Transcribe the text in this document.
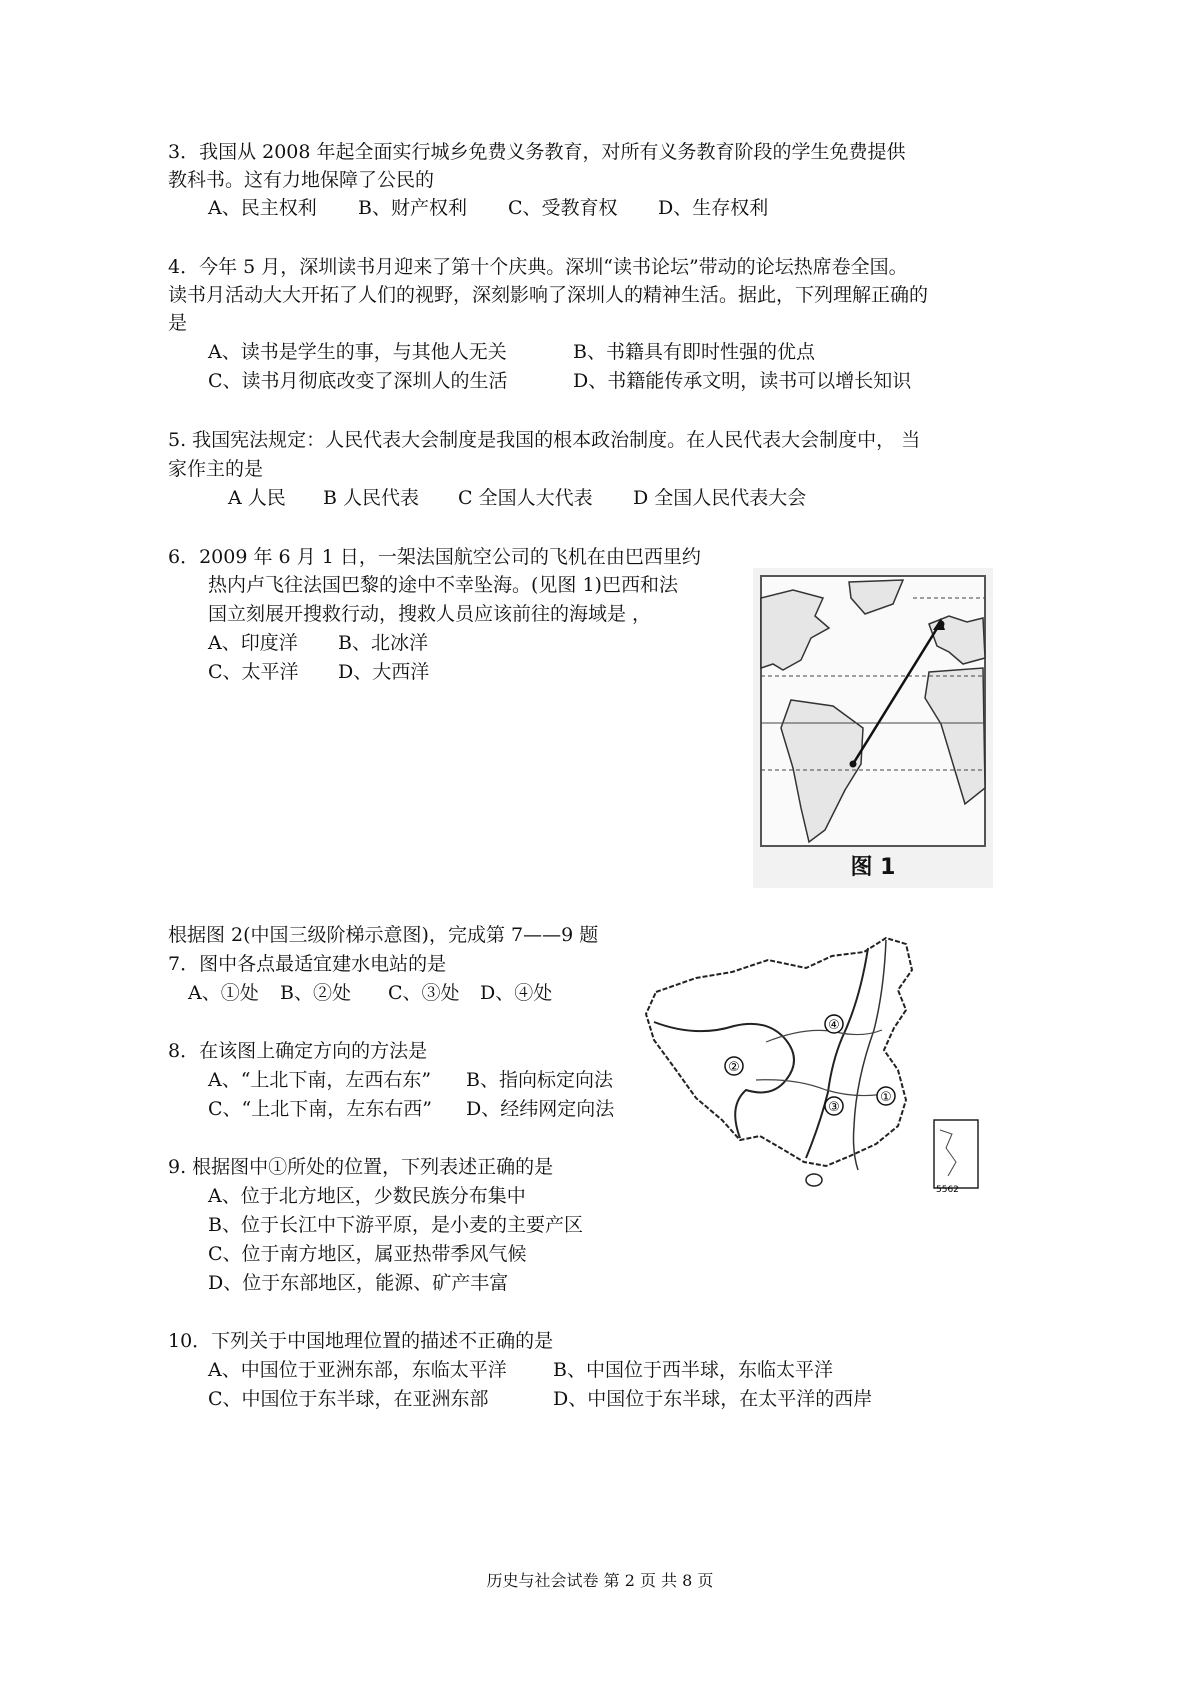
3．我国从 2008 年起全面实行城乡免费义务教育，对所有义务教育阶段的学生免费提供
教科书。这有力地保障了公民的
A、民主权利 B、财产权利 C、受教育权 D、生存权利
4．今年 5 月，深圳读书月迎来了第十个庆典。深圳“读书论坛”带动的论坛热席卷全国。
读书月活动大大开拓了人们的视野，深刻影响了深圳人的精神生活。据此，下列理解正确的
是
A、读书是学生的事，与其他人无关	B、书籍具有即时性强的优点
C、读书月彻底改变了深圳人的生活	D、书籍能传承文明，读书可以增长知识
5. 我国宪法规定：人民代表大会制度是我国的根本政治制度。在人民代表大会制度中， 当
家作主的是
A 人民 B 人民代表 C 全国人大代表 D 全国人民代表大会
6．2009 年 6 月 1 日，一架法国航空公司的飞机在由巴西里约
热内卢飞往法国巴黎的途中不幸坠海。(见图 1)巴西和法
国立刻展开搜救行动，搜救人员应该前往的海域是 ，
A、印度洋 B、北冰洋
C、太平洋 D、大西洋
图 1
根据图 2(中国三级阶梯示意图)，完成第 7——9 题
7．图中各点最适宜建水电站的是
A、①处 B、②处 C、③处 D、④处
8．在该图上确定方向的方法是
A、“上北下南，左西右东” B、指向标定向法
C、“上北下南，左东右西” D、经纬网定向法
5562
①
②
③
④
9. 根据图中①所处的位置，下列表述正确的是
A、位于北方地区，少数民族分布集中
B、位于长江中下游平原，是小麦的主要产区
C、位于南方地区，属亚热带季风气候
D、位于东部地区，能源、矿产丰富
10．下列关于中国地理位置的描述不正确的是
A、中国位于亚洲东部，东临太平洋 B、中国位于西半球，东临太平洋
C、中国位于东半球，在亚洲东部	D、中国位于东半球，在太平洋的西岸
历史与社会试卷 第 2 页 共 8 页
